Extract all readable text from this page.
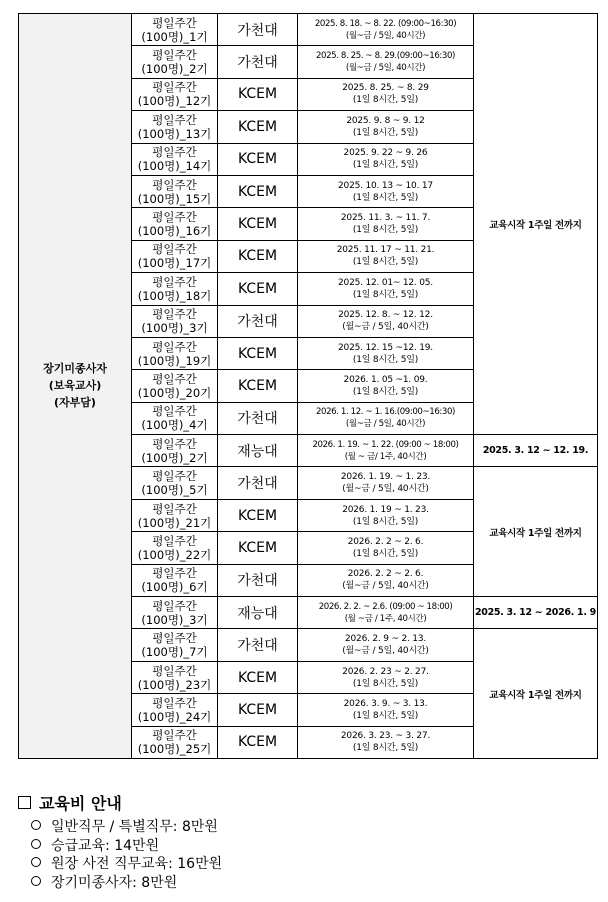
장기미종사자
(보육교사)
(자부담)	평일주간
(100명)_1기	가천대	2025. 8. 18. ~ 8. 22. (09:00~16:30)
(월~금 / 5일, 40시간)	교육시작 1주일 전까지

	평일주간
(100명)_2기	가천대	2025. 8. 25. ~ 8. 29.(09:00~16:30)
(월~금 / 5일, 40시간)	

	평일주간
(100명)_12기	KCEM	2025. 8. 25. ~ 8. 29
(1일 8시간, 5일)	

	평일주간
(100명)_13기	KCEM	2025. 9. 8 ~ 9. 12
(1일 8시간, 5일)	

	평일주간
(100명)_14기	KCEM	2025. 9. 22 ~ 9. 26
(1일 8시간, 5일)	

	평일주간
(100명)_15기	KCEM	2025. 10. 13 ~ 10. 17
(1일 8시간, 5일)	

	평일주간
(100명)_16기	KCEM	2025. 11. 3. ~ 11. 7.
(1일 8시간, 5일)	

	평일주간
(100명)_17기	KCEM	2025. 11. 17 ~ 11. 21.
(1일 8시간, 5일)	

	평일주간
(100명)_18기	KCEM	2025. 12. 01~ 12. 05.
(1일 8시간, 5일)	

	평일주간
(100명)_3기	가천대	2025. 12. 8. ~ 12. 12.
(월~금 / 5일, 40시간)	

	평일주간
(100명)_19기	KCEM	2025. 12. 15 ~12. 19.
(1일 8시간, 5일)	

	평일주간
(100명)_20기	KCEM	2026. 1. 05 ~1. 09.
(1일 8시간, 5일)	

	평일주간
(100명)_4기	가천대	2026. 1. 12. ~ 1. 16.(09:00~16:30)
(월~금 / 5일, 40시간)	

	평일주간
(100명)_2기	재능대	2026. 1. 19. ~ 1. 22. (09:00 ~ 18:00)
(월 ~ 금/ 1주, 40시간)	2025. 3. 12 ~ 12. 19.

	평일주간
(100명)_5기	가천대	2026. 1. 19. ~ 1. 23.
(월~금 / 5일, 40시간)	교육시작 1주일 전까지

	평일주간
(100명)_21기	KCEM	2026. 1. 19 ~ 1. 23.
(1일 8시간, 5일)	

	평일주간
(100명)_22기	KCEM	2026. 2. 2 ~ 2. 6.
(1일 8시간, 5일)	

	평일주간
(100명)_6기	가천대	2026. 2. 2 ~ 2. 6.
(월~금 / 5일, 40시간)	

	평일주간
(100명)_3기	재능대	2026. 2. 2. ~ 2.6. (09:00 ~ 18:00)
(월 ~금 / 1주, 40시간)	2025. 3. 12 ~ 2026. 1. 9

	평일주간
(100명)_7기	가천대	2026. 2. 9 ~ 2. 13.
(월~금 / 5일, 40시간)	교육시작 1주일 전까지

	평일주간
(100명)_23기	KCEM	2026. 2. 23 ~ 2. 27.
(1일 8시간, 5일)	

	평일주간
(100명)_24기	KCEM	2026. 3. 9. ~ 3. 13.
(1일 8시간, 5일)	

	평일주간
(100명)_25기	KCEM	2026. 3. 23. ~ 3. 27.
(1일 8시간, 5일)	
교육비 안내
일반직무 / 특별직무: 8만원
승급교육: 14만원
원장 사전 직무교육: 16만원
장기미종사자: 8만원
